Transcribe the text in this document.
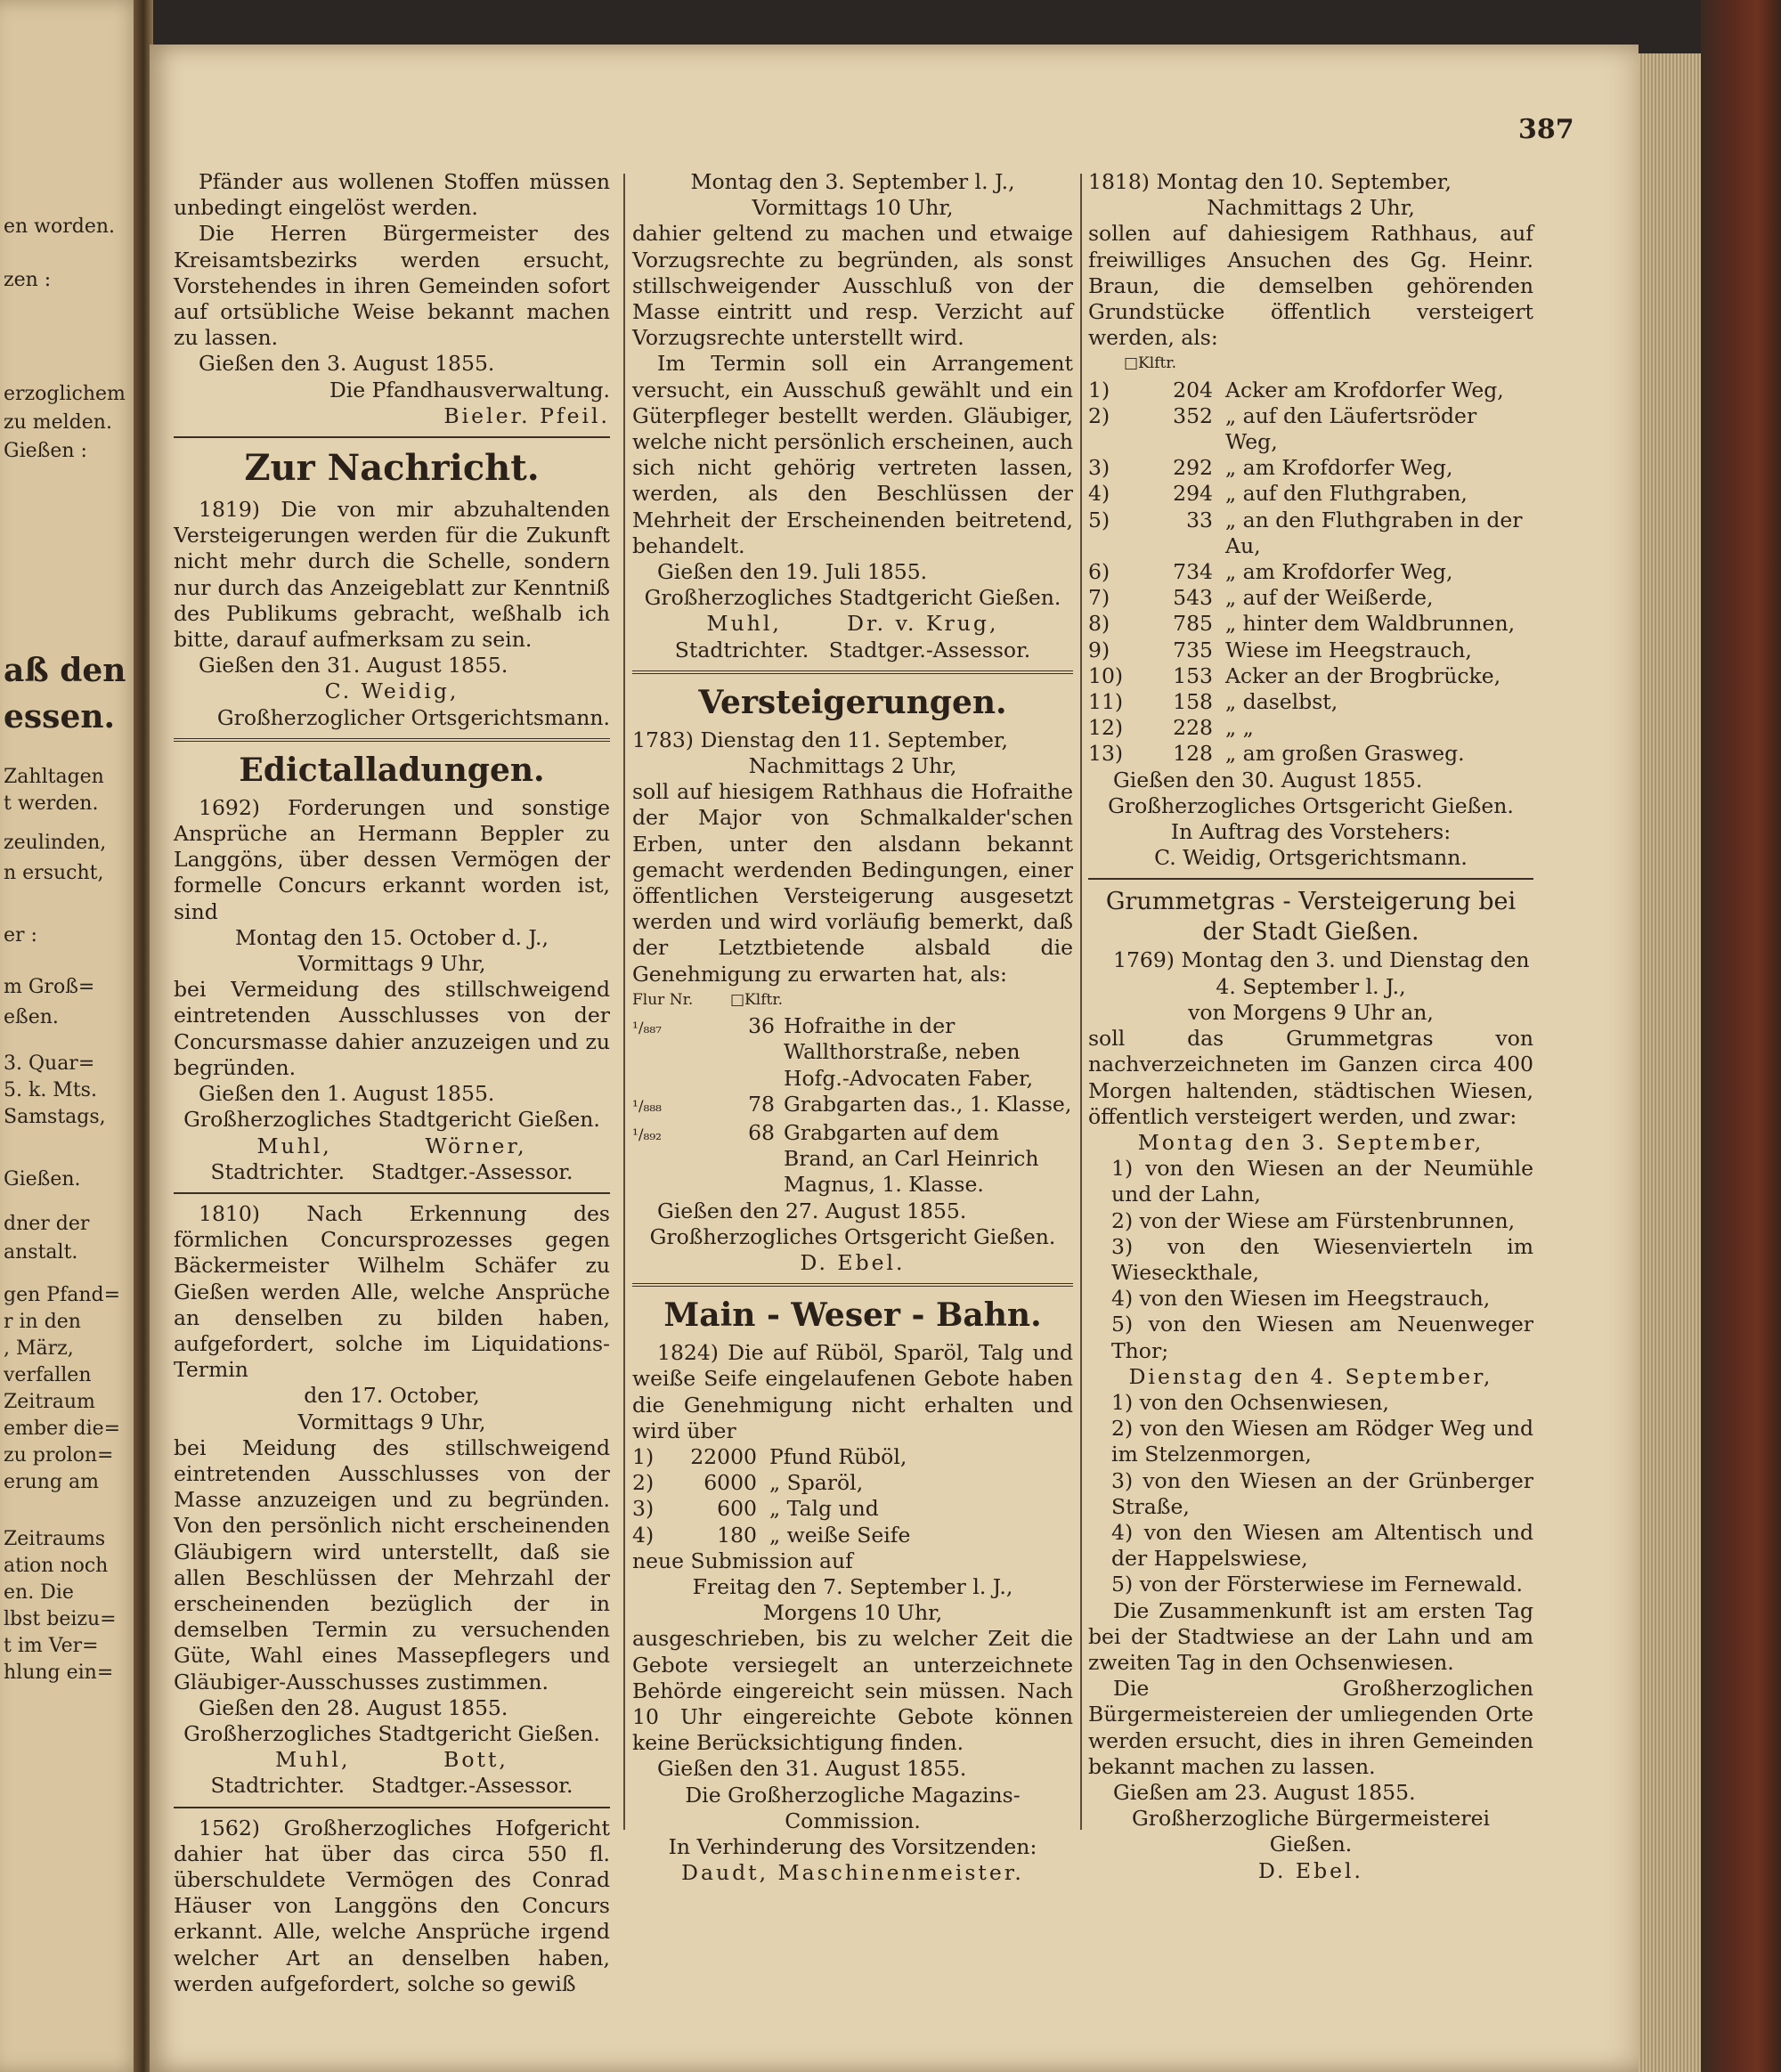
en worden.
zen :
erzoglichem
zu melden.
Gießen :
aß den
essen.
Zahltagen
t werden.
zeulinden,
n ersucht,
er :
m Groß=
eßen.
3. Quar=
5. k. Mts.
Samstags,
Gießen.
dner der
anstalt.
gen Pfand=
r in den
, März,
verfallen
Zeitraum
ember die=
zu prolon=
erung am
Zeitraums
ation noch
en. Die
lbst beizu=
t im Ver=
hlung ein=
387

Pfänder aus wollenen Stoffen müssen unbedingt eingelöst werden.

Die Herren Bürgermeister des Kreisamtsbezirks werden ersucht, Vorstehendes in ihren Gemeinden sofort auf ortsübliche Weise bekannt machen zu lassen.

Gießen den 3. August 1855.

Die Pfandhausverwaltung.

Bieler. Pfeil.

Zur Nachricht.

1819) Die von mir abzuhaltenden Versteigerungen werden für die Zukunft nicht mehr durch die Schelle, sondern nur durch das Anzeigeblatt zur Kenntniß des Publikums gebracht, weßhalb ich bitte, darauf aufmerksam zu sein.

Gießen den 31. August 1855.

C. Weidig,

Großherzoglicher Ortsgerichtsmann.

Edictalladungen.

1692) Forderungen und sonstige Ansprüche an Hermann Beppler zu Langgöns, über dessen Vermögen der formelle Concurs erkannt worden ist, sind

Montag den 15. October d. J.,

Vormittags 9 Uhr,

bei Vermeidung des stillschweigend eintretenden Ausschlusses von der Concursmasse dahier anzuzeigen und zu begründen.

Gießen den 1. August 1855.

Großherzogliches Stadtgericht Gießen.

Muhl,          Wörner,

Stadtrichter.    Stadtger.-Assessor.

1810) Nach Erkennung des förmlichen Concursprozesses gegen Bäckermeister Wilhelm Schäfer zu Gießen werden Alle, welche Ansprüche an denselben zu bilden haben, aufgefordert, solche im Liquidations-Termin

den 17. October,

Vormittags 9 Uhr,

bei Meidung des stillschweigend eintretenden Ausschlusses von der Masse anzuzeigen und zu begründen. Von den persönlich nicht erscheinenden Gläubigern wird unterstellt, daß sie allen Beschlüssen der Mehrzahl der erscheinenden bezüglich der in demselben Termin zu versuchenden Güte, Wahl eines Massepflegers und Gläubiger-Ausschusses zustimmen.

Gießen den 28. August 1855.

Großherzogliches Stadtgericht Gießen.

Muhl,          Bott,

Stadtrichter.    Stadtger.-Assessor.

1562) Großherzogliches Hofgericht dahier hat über das circa 550 fl. überschuldete Vermögen des Conrad Häuser von Langgöns den Concurs erkannt. Alle, welche Ansprüche irgend welcher Art an denselben haben, werden aufgefordert, solche so gewiß

Montag den 3. September l. J.,

Vormittags 10 Uhr,

dahier geltend zu machen und etwaige Vorzugsrechte zu begründen, als sonst stillschweigender Ausschluß von der Masse eintritt und resp. Verzicht auf Vorzugsrechte unterstellt wird.

Im Termin soll ein Arrangement versucht, ein Ausschuß gewählt und ein Güterpfleger bestellt werden. Gläubiger, welche nicht persönlich erscheinen, auch sich nicht gehörig vertreten lassen, werden, als den Beschlüssen der Mehrheit der Erscheinenden beitretend, behandelt.

Gießen den 19. Juli 1855.

Großherzogliches Stadtgericht Gießen.

Muhl,       Dr. v. Krug,

Stadtrichter.   Stadtger.-Assessor.

Versteigerungen.

1783) Dienstag den 11. September,

Nachmittags 2 Uhr,

soll auf hiesigem Rathhaus die Hofraithe der Major von Schmalkalder'schen Erben, unter den alsdann bekannt gemacht werdenden Bedingungen, einer öffentlichen Versteigerung ausgesetzt werden und wird vorläufig bemerkt, daß der Letztbietende alsbald die Genehmigung zu erwarten hat, als:

Flur Nr.	□Klftr.
¹/₈₈₇	36 Hofraithe in der Wallthorstraße, neben Hofg.-Advocaten Faber,
¹/₈₈₈	78 Grabgarten das., 1. Klasse,
¹/₈₉₂	68 Grabgarten auf dem Brand, an Carl Heinrich Magnus, 1. Klasse.

Gießen den 27. August 1855.

Großherzogliches Ortsgericht Gießen.

D. Ebel.

Main - Weser - Bahn.

1824) Die auf Rüböl, Sparöl, Talg und weiße Seife eingelaufenen Gebote haben die Genehmigung nicht erhalten und wird über

1)	22000 Pfund Rüböl,
2)	6000 „ Sparöl,
3)	600 „ Talg und
4)	180 „ weiße Seife

neue Submission auf

Freitag den 7. September l. J.,

Morgens 10 Uhr,

ausgeschrieben, bis zu welcher Zeit die Gebote versiegelt an unterzeichnete Behörde eingereicht sein müssen. Nach 10 Uhr eingereichte Gebote können keine Berücksichtigung finden.

Gießen den 31. August 1855.

Die Großherzogliche Magazins-Commission.

In Verhinderung des Vorsitzenden:

Daudt, Maschinenmeister.

1818) Montag den 10. September,

Nachmittags 2 Uhr,

sollen auf dahiesigem Rathhaus, auf freiwilliges Ansuchen des Gg. Heinr. Braun, die demselben gehörenden Grundstücke öffentlich versteigert werden, als:

□Klftr.

1)	204 Acker am Krofdorfer Weg,
2)	352 „ auf den Läufertsröder Weg,
3)	292 „ am Krofdorfer Weg,
4)	294 „ auf den Fluthgraben,
5)	33 „ an den Fluthgraben in der Au,
6)	734 „ am Krofdorfer Weg,
7)	543 „ auf der Weißerde,
8)	785 „ hinter dem Waldbrunnen,
9)	735 Wiese im Heegstrauch,
10)	153 Acker an der Brogbrücke,
11)	158 „ daselbst,
12)	228 „ „
13)	128 „ am großen Grasweg.

Gießen den 30. August 1855.

Großherzogliches Ortsgericht Gießen.

In Auftrag des Vorstehers:

C. Weidig, Ortsgerichtsmann.

Grummetgras - Versteigerung bei der Stadt Gießen.

1769) Montag den 3. und Dienstag den

4. September l. J.,

von Morgens 9 Uhr an,

soll das Grummetgras von nachverzeichneten im Ganzen circa 400 Morgen haltenden, städtischen Wiesen, öffentlich versteigert werden, und zwar:

Montag den 3. September,

1) von den Wiesen an der Neumühle und der Lahn,

2) von der Wiese am Fürstenbrunnen,

3) von den Wiesenvierteln im Wieseckthale,

4) von den Wiesen im Heegstrauch,

5) von den Wiesen am Neuenweger Thor;

Dienstag den 4. September,

1) von den Ochsenwiesen,

2) von den Wiesen am Rödger Weg und im Stelzenmorgen,

3) von den Wiesen an der Grünberger Straße,

4) von den Wiesen am Altentisch und der Happelswiese,

5) von der Försterwiese im Fernewald.

Die Zusammenkunft ist am ersten Tag bei der Stadtwiese an der Lahn und am zweiten Tag in den Ochsenwiesen.

Die Großherzoglichen Bürgermeistereien der umliegenden Orte werden ersucht, dies in ihren Gemeinden bekannt machen zu lassen.

Gießen am 23. August 1855.

Großherzogliche Bürgermeisterei Gießen.

D. Ebel.
